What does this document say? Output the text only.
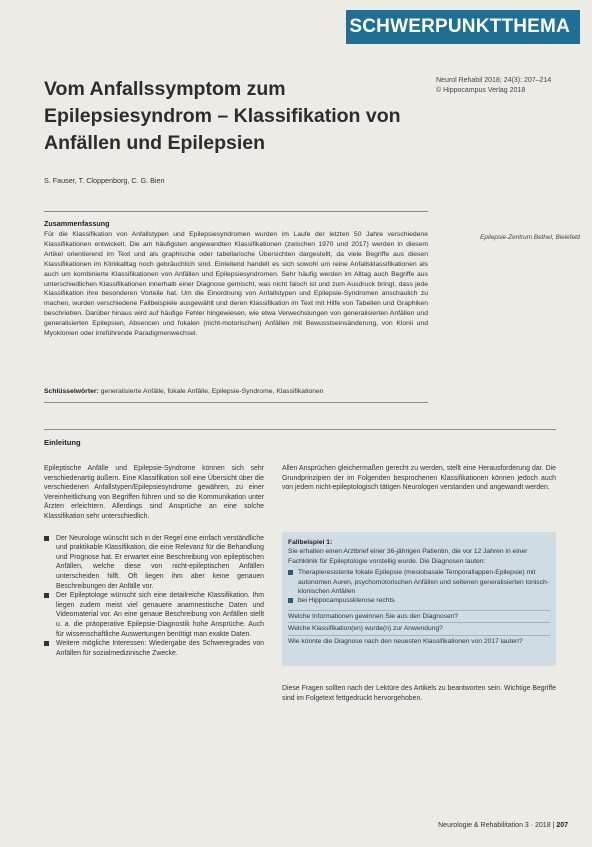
SCHWERPUNKTTHEMA
Vom Anfallssymptom zum Epilepsiesyndrom – Klassifikation von Anfällen und Epilepsien
Neurol Rehabil 2018; 24(3): 207–214
© Hippocampus Verlag 2018
S. Fauser, T. Cloppenborg, C. G. Bien
Zusammenfassung

Für die Klassifikation von Anfallstypen und Epilepsiesyndromen wurden im Laufe der letzten 50 Jahre verschiedene Klassifikationen entwickelt. Die am häufigsten angewandten Klassifikationen (zwischen 1970 und 2017) werden in diesem Artikel orientierend im Text und als graphische oder tabellarische Übersichten dargestellt, da viele Begriffe aus diesen Klassifikationen im Klinikalltag noch gebräuchlich sind. Einleitend handelt es sich sowohl um reine Anfallsklassifikationen als auch um kombinierte Klassifikationen von Anfällen und Epilepsiesyndromen. Sehr häufig werden im Alltag auch Begriffe aus unterschiedlichen Klassifikationen innerhalb einer Diagnose gemischt, was nicht falsch ist und zum Ausdruck bringt, dass jede Klassifikation ihre besonderen Vorteile hat. Um die Einordnung von Anfallstypen und Epilepsie-Syndromen anschaulich zu machen, wurden verschiedene Fallbeispiele ausgewählt und deren Klassifikation im Text mit Hilfe von Tabellen und Graphiken beschrieben. Darüber hinaus wird auf häufige Fehler hingewiesen, wie etwa Verwechslungen von generalisierten Anfällen und generalisierten Epilepsien, Absencen und fokalen (nicht-motorischen) Anfällen mit Bewusstseinsänderung, von Klonii und Myoklonien oder irreführende Paradigmenwechsel.

Epilepsie-Zentrum Bethel, Bielefeld
Schlüsselwörter: generalisierte Anfälle, fokale Anfälle, Epilepsie-Syndrome, Klassifikationen
Einleitung

Epileptische Anfälle und Epilepsie-Syndrome können sich sehr verschiedenartig äußern. Eine Klassifikation soll eine Übersicht über die verschiedenen Anfallstypen/Epilepsiesyndrome gewähren, zu einer Vereinheitlichung von Begriffen führen und so die Kommunikation unter Ärzten erleichtern. Allerdings sind Ansprüche an eine solche Klassifikation sehr unterschiedlich.

Der Neurologe wünscht sich in der Regel eine einfach verständliche und praktikable Klassifikation, die eine Relevanz für die Behandlung und Prognose hat. Er erwartet eine Beschreibung von epileptischen Anfällen, welche diese von nicht-epileptischen Anfällen unterscheiden hilft. Oft liegen ihm aber keine genauen Beschreibungen der Anfälle vor.
Der Epileptologe wünscht sich eine detailreiche Klassifikation. Ihm liegen zudem meist viel genauere anamnestische Daten und Videomaterial vor. An eine genaue Beschreibung von Anfällen stellt u. a. die präoperative Epilepsie-Diagnostik hohe Ansprüche. Auch für wissenschaftliche Auswertungen benötigt man exakte Daten.
Weitere mögliche Interessen: Wiedergabe des Schweregrades von Anfällen für sozialmedizinische Zwecke.

Allen Ansprüchen gleichermaßen gerecht zu werden, stellt eine Herausforderung dar. Die Grundprinzipien der im Folgenden besprochenen Klassifikationen können jedoch auch von jedem nicht-epileptologisch tätigen Neurologen verstanden und angewandt werden.

Fallbeispiel 1:
Sie erhalten einen Arztbrief einer 36-jährigen Patientin, die vor 12 Jahren in einer Fachklinik für Epileptologie vorstellig wurde. Die Diagnosen lauten:
Therapieresistente fokale Epilepsie (mesiobasale Temporallappen-Epilepsie) mit autonomen Auren, psychomotorischen Anfällen und seltenen generalisierten tonisch-klonischen Anfällen
bei Hippocampussklerose rechts
Welche Informationen gewinnen Sie aus den Diagnosen?
Welche Klassifikation(en) wurde(n) zur Anwendung?
Wie könnte die Diagnose nach den neuesten Klassifikationen von 2017 lauten?

Diese Fragen sollten nach der Lektüre des Artikels zu beantworten sein. Wichtige Begriffe sind im Folgetext fettgedruckt hervorgehoben.

Neurologie & Rehabilitation 3 · 2018 | 207
